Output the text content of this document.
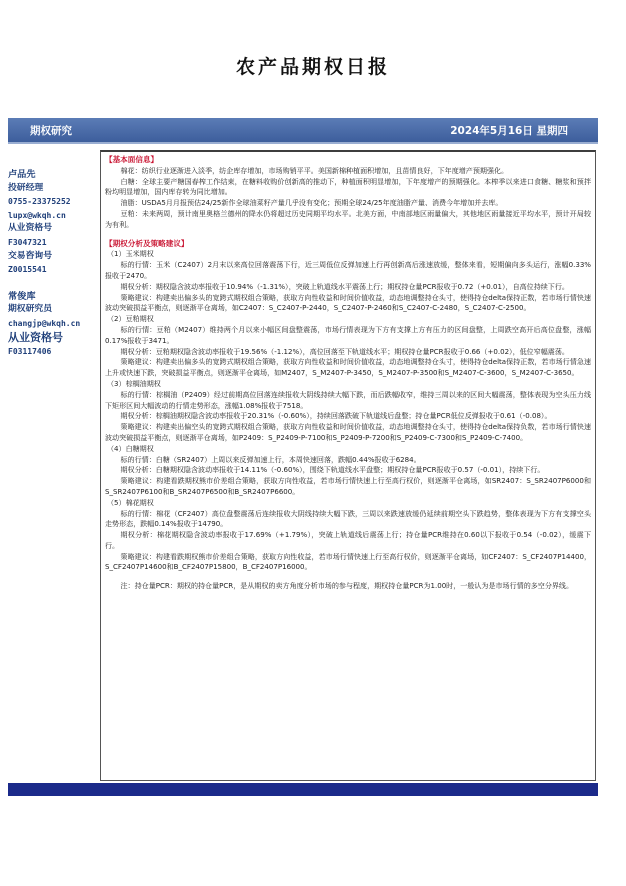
农产品期权日报
期权研究	2024年5月16日 星期四
卢品先
投研经理
0755-23375252
lupx@wkqh.cn
从业资格号
F3047321
交易咨询号
Z0015541
常俊库
期权研究员
changjp@wkqh.cn
从业资格号
F03117406
【基本面信息】
棉花：纺织行业逐渐进入淡季，纺企库存增加，市场购销平平。美国新棉种植面积增加，且苗情良好，下年度增产预期强化。
白糖：全球主要产糖国春榨工作结束，在糖料收购价创新高的推动下，种植面积明显增加，下年度增产的预期强化。本榨季以来进口食糖、糖浆和预拌粉均明显增加，国内库存转为同比增加。
油脂：USDA5月月报预估24/25新作全球油菜籽产量几乎没有变化；预期全球24/25年度油脂产量、消费今年增加并去库。
豆粕：未来两周，预计南里奥格兰德州的降水仍将超过历史同期平均水平。北美方面，中南部地区雨量偏大，其他地区雨量接近平均水平，预计开局较为有利。
【期权分析及策略建议】
（1）玉米期权
标的行情：玉米（C2407）2月末以来高位回落震荡下行，近三周低位反弹加速上行再创新高后涨速放缓，整体来看，短期偏向多头运行，涨幅0.33%报收于2470。
期权分析：期权隐含波动率报收于10.94%（-1.31%），突破上轨道线水平震荡上行；期权持仓量PCR报收于0.72（+0.01），自高位持续下行。
策略建议：构建卖出偏多头的宽跨式期权组合策略，获取方向性收益和时间价值收益，动态地调整持仓头寸，使得持仓delta保持正数，若市场行情快速波动突破损益平衡点，则逐渐平仓离场，如C2407：S_C2407-P-2440，S_C2407-P-2460和S_C2407-C-2480，S_C2407-C-2500。
（2）豆粕期权
标的行情：豆粕（M2407）维持两个月以来小幅区间盘整震荡，市场行情表现为下方有支撑上方有压力的区间盘整，上周跌空高开后高位盘整，涨幅0.17%报收于3471。
期权分析：豆粕期权隐含波动率报收于19.56%（-1.12%），高位回落至下轨道线水平；期权持仓量PCR报收于0.66（+0.02），低位窄幅震荡。
策略建议：构建卖出偏多头的宽跨式期权组合策略，获取方向性收益和时间价值收益，动态地调整持仓头寸，使得持仓delta保持正数，若市场行情急速上升或快速下跌，突破损益平衡点，则逐渐平仓离场，如M2407，S_M2407-P-3450，S_M2407-P-3500和S_M2407-C-3600，S_M2407-C-3650。
（3）棕榈油期权
标的行情：棕榈油（P2409）经过前期高位回落连续报收大阴线持续大幅下跌，而后跌幅收窄，维持三周以来的区间大幅震荡，整体表现为空头压力线下矩形区间大幅波动的行情走势形态，涨幅1.08%报收于7518。
期权分析：棕榈油期权隐含波动率报收于20.31%（-0.60%），持续回落跌破下轨道线后盘整；持仓量PCR低位反弹报收于0.61（-0.08）。
策略建议：构建卖出偏空头的宽跨式期权组合策略，获取方向性收益和时间价值收益，动态地调整持仓头寸，使得持仓delta保持负数，若市场行情快速波动突破损益平衡点，则逐渐平仓离场，如P2409：S_P2409-P-7100和S_P2409-P-7200和S_P2409-C-7300和S_P2409-C-7400。
（4）白糖期权
标的行情：白糖（SR2407）上周以来反弹加速上行，本周快速回落，跌幅0.44%报收于6284。
期权分析：白糖期权隐含波动率报收于14.11%（-0.60%），围绕下轨道线水平盘整；期权持仓量PCR报收于0.57（-0.01），持续下行。
策略建议：构建看跌期权熊市价差组合策略，获取方向性收益，若市场行情快速上行至高行权价，则逐渐平仓离场，如SR2407：S_SR2407P6000和S_SR2407P6100和B_SR2407P6500和B_SR2407P6600。
（5）棉花期权
标的行情：棉花（CF2407）高位盘整震荡后连续报收大阴线持续大幅下跌，三周以来跌速放缓仍延续前期空头下跌趋势，整体表现为下方有支撑空头走势形态，跌幅0.14%报收于14790。
期权分析：棉花期权隐含波动率报收于17.69%（+1.79%），突破上轨道线后震荡上行；持仓量PCR维持在0.60以下报收于0.54（-0.02），缓震下行。
策略建议：构建看跌期权熊市价差组合策略，获取方向性收益，若市场行情快速上行至高行权价，则逐渐平仓离场，如CF2407：S_CF2407P14400，S_CF2407P14600和B_CF2407P15800，B_CF2407P16000。
注：持仓量PCR：期权的持仓量PCR，是从期权的卖方角度分析市场的参与程度，期权持仓量PCR为1.00时，一般认为是市场行情的多空分界线。
